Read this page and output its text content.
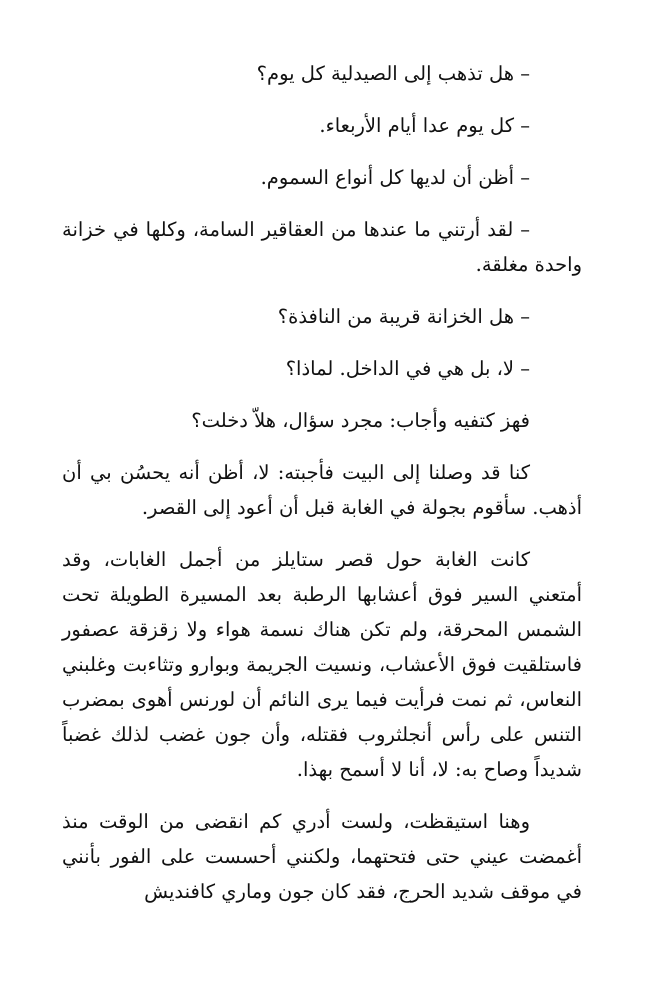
– هل تذهب إلى الصيدلية كل يوم؟

– كل يوم عدا أيام الأربعاء.

– أظن أن لديها كل أنواع السموم.

– لقد أرتني ما عندها من العقاقير السامة، وكلها في خزانة واحدة مغلقة.

– هل الخزانة قريبة من النافذة؟

– لا، بل هي في الداخل. لماذا؟

فهز كتفيه وأجاب: مجرد سؤال، هلاّ دخلت؟

كنا قد وصلنا إلى البيت فأجبته: لا، أظن أنه يحسُن بي أن أذهب. سأقوم بجولة في الغابة قبل أن أعود إلى القصر.

كانت الغابة حول قصر ستايلز من أجمل الغابات، وقد أمتعني السير فوق أعشابها الرطبة بعد المسيرة الطويلة تحت الشمس المحرقة، ولم تكن هناك نسمة هواء ولا زقزقة عصفور فاستلقيت فوق الأعشاب، ونسيت الجريمة وبوارو وتثاءبت وغلبني النعاس، ثم نمت فرأيت فيما يرى النائم أن لورنس أهوى بمضرب التنس على رأس أنجلثروب فقتله، وأن جون غضب لذلك غضباً شديداً وصاح به: لا، أنا لا أسمح بهذا.

وهنا استيقظت، ولست أدري كم انقضى من الوقت منذ أغمضت عيني حتى فتحتهما، ولكنني أحسست على الفور بأنني في موقف شديد الحرج، فقد كان جون وماري كافنديش
